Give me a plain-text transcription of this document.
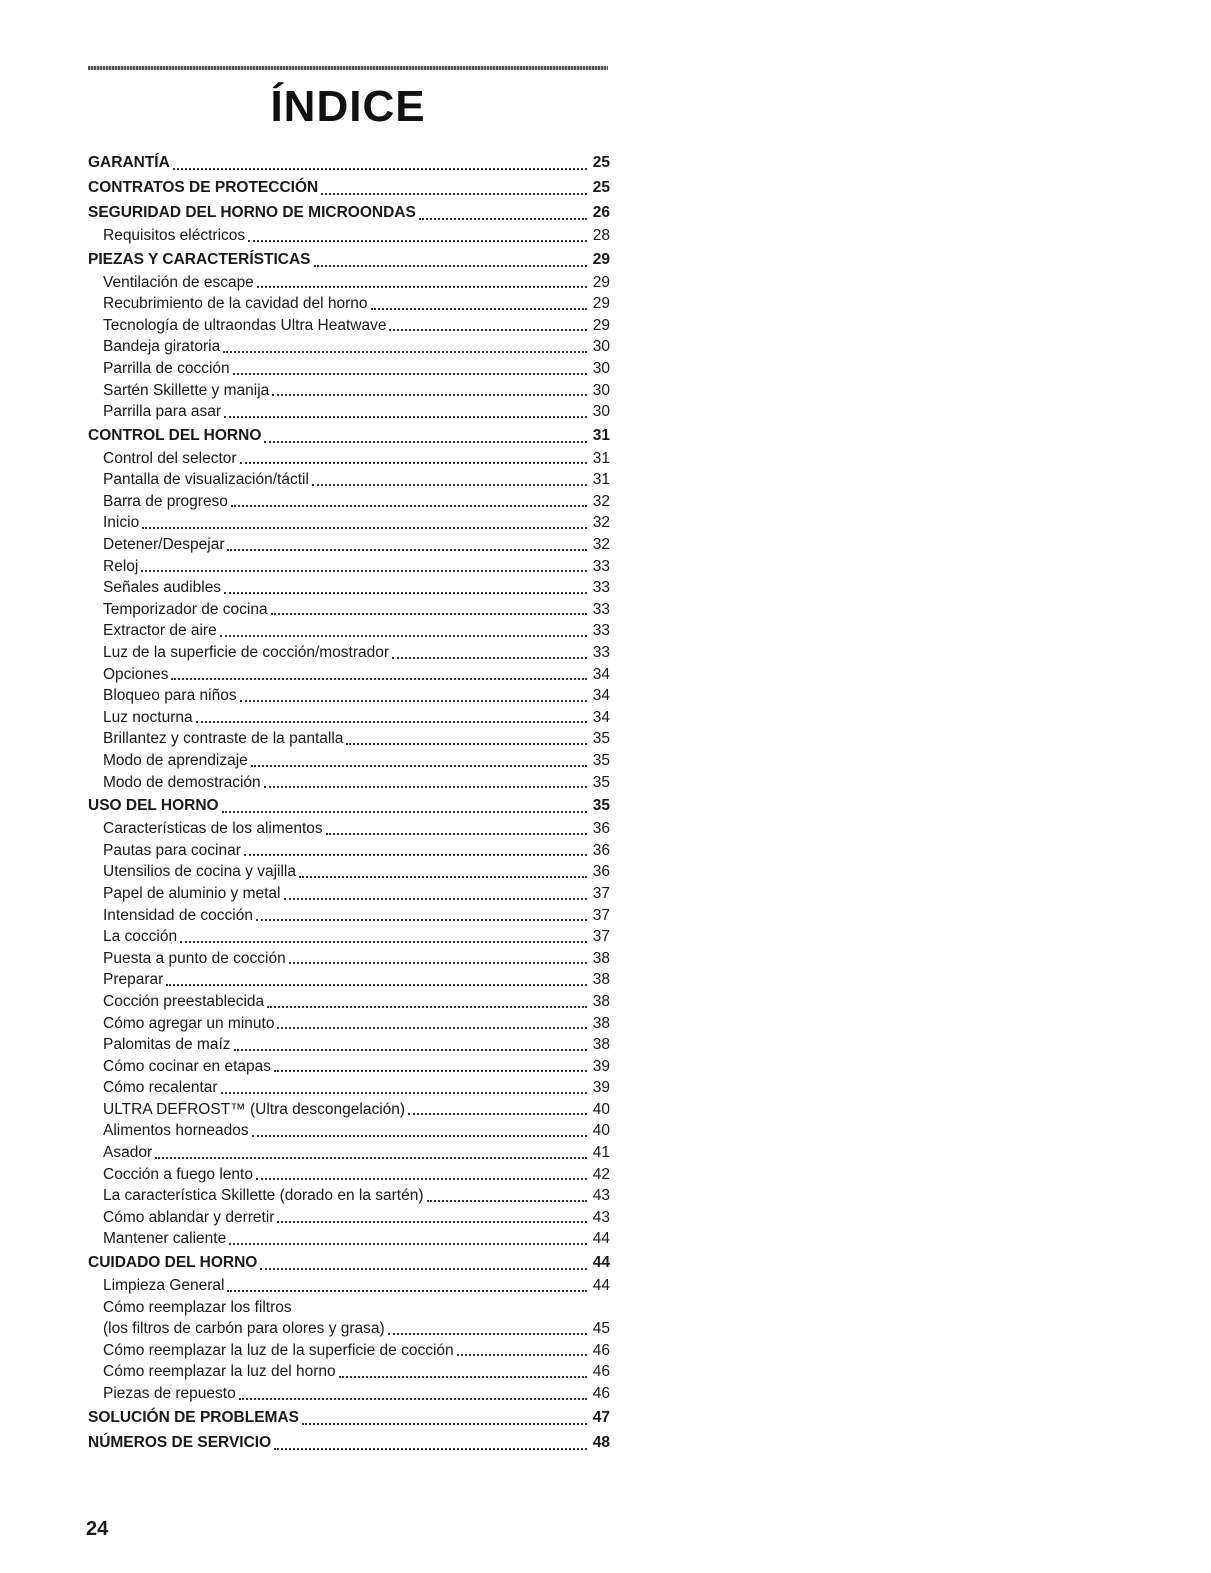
ÍNDICE
GARANTÍA	25
CONTRATOS DE PROTECCIÓN	25
SEGURIDAD DEL HORNO DE MICROONDAS	26
Requisitos eléctricos	28
PIEZAS Y CARACTERÍSTICAS	29
Ventilación de escape	29
Recubrimiento de la cavidad del horno	29
Tecnología de ultraondas Ultra Heatwave	29
Bandeja giratoria	30
Parrilla de cocción	30
Sartén Skillette y manija	30
Parrilla para asar	30
CONTROL DEL HORNO	31
Control del selector	31
Pantalla de visualización/táctil	31
Barra de progreso	32
Inicio	32
Detener/Despejar	32
Reloj	33
Señales audibles	33
Temporizador de cocina	33
Extractor de aire	33
Luz de la superficie de cocción/mostrador	33
Opciones	34
Bloqueo para niños	34
Luz nocturna	34
Brillantez y contraste de la pantalla	35
Modo de aprendizaje	35
Modo de demostración	35
USO DEL HORNO	35
Características de los alimentos	36
Pautas para cocinar	36
Utensilios de cocina y vajilla	36
Papel de aluminio y metal	37
Intensidad de cocción	37
La cocción	37
Puesta a punto de cocción	38
Preparar	38
Cocción preestablecida	38
Cómo agregar un minuto	38
Palomitas de maíz	38
Cómo cocinar en etapas	39
Cómo recalentar	39
ULTRA DEFROST™ (Ultra descongelación)	40
Alimentos horneados	40
Asador	41
Cocción a fuego lento	42
La característica Skillette (dorado en la sartén)	43
Cómo ablandar y derretir	43
Mantener caliente	44
CUIDADO DEL HORNO	44
Limpieza General	44
Cómo reemplazar los filtros
(los filtros de carbón para olores y grasa)	45
Cómo reemplazar la luz de la superficie de cocción	46
Cómo reemplazar la luz del horno	46
Piezas de repuesto	46
SOLUCIÓN DE PROBLEMAS	47
NÚMEROS DE SERVICIO	48
24
